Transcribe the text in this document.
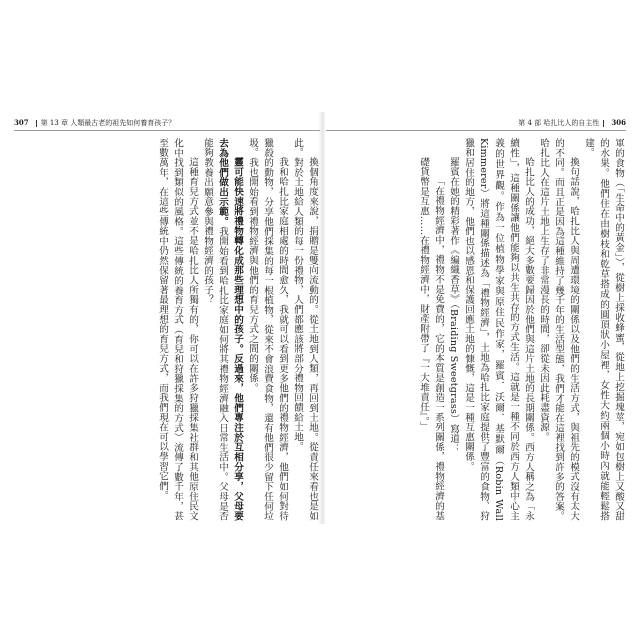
307 第 13 章 人類最古老的祖先如何養育孩子？

換個角度來說，捐贈是雙向流動的。從土地到人類，再回到土地。從責任來看也是如此。對於土地給人類的每一份禮物，人們都應該將部分禮物回饋給土地。

我和哈扎比家庭相處的時間愈久，我就可以看到更多他們的禮物經濟，他們如何對待獵殺的動物，分享他們採集的每一根植物，從來不會浪費食物，還有他們很少留下任何垃圾。我也開始看到禮物經濟與他們的育兒方式之間的關係。

靈可能快速將禮物轉化成那些理想中的孩子。反過來，他們專注於互相分享，父母要去為他們做出示範。我開始看到哈扎比家庭如何將其禮物經濟融入日常生活中。父母是否能夠教養出願意參與禮物經濟的孩子？

這種育兒方式並不是哈扎比人所獨有的，你可以在許多狩獵採集社群和其他原住民文化中找到類似的風格。這些傳統的養育方式（育兒和狩獵採集的方式）流傳了數千年，甚至數萬年，在這些傳統中仍然保留著最理想的育兒方式，而我們現在可以學習它們。

第 4 部 哈扎比人的自主性 306

軍的食物（「生命中的黃金」），從樹上採收蜂蜜，從地上挖掘塊莖，宛如包樹上又酸又甜的水果。他們住在由樹枝和乾草搭成的圓頂狀小屋裡，女性大約兩個小時內就能輕鬆搭建。

換句話說，哈扎比人與周遭環境的關係以及他們的生活方式，與祖先的模式沒有太大的不同。而且正是因為這種維持了幾千年的生活型態，我們才能在這裡找到許多的答案。哈扎比人在這片土地上生存了非常漫長的時間，卻從未因此耗盡資源。

哈扎比人的成功，絕大多數要歸因於他們與這片土地的長期關係。西方人稱之為「永續性」，這種關係讓他們能夠以共生共存的方式生活。這就是一種不同於西方人類中心主義的世界觀。作為一位植物學家與原住民作家，羅賓．沃爾．基默爾（Robin Wall Kimmerer）將這種關係描述為「禮物經濟」，土地為哈扎比家庭提供了豐富的食物、狩獵和居住的地方，他們也以感恩和保護回應土地的慷慨，這是一種互惠關係。

羅賓在她的精彩著作《編織香草》（Braiding Sweetgrass）寫道：

「在禮物經濟中，禮物不是免費的，它的本質是創造一系列關係，禮物經濟的基礎貨幣是互惠……在禮物經濟中，財產附帶了『一大堆責任』。」
